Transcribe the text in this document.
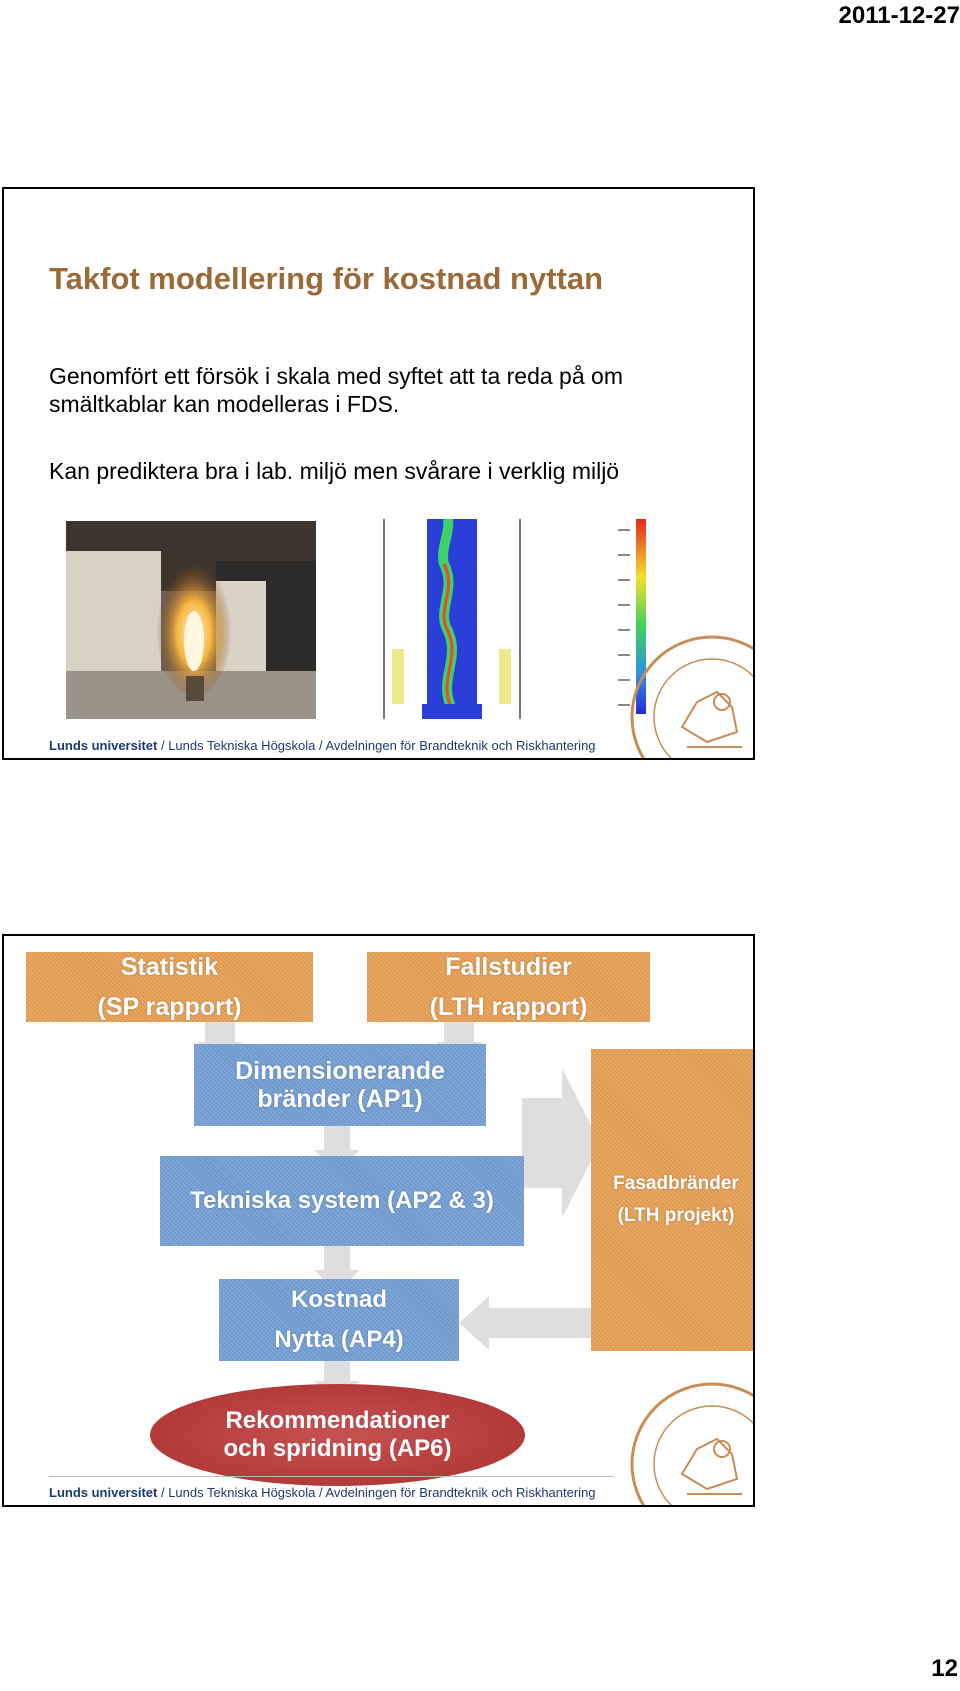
2011-12-27
Takfot modellering för kostnad nyttan
Genomfört ett försök i skala med syftet att ta reda på om smältkablar kan modelleras i FDS.
Kan prediktera bra i lab. miljö men svårare i verklig miljö
Lunds universitet / Lunds Tekniska Högskola / Avdelningen för Brandteknik och Riskhantering
Statistik
(SP rapport)
Fallstudier
(LTH rapport)
Dimensionerande
bränder (AP1)
Tekniska system (AP2 & 3)
Kostnad
Nytta (AP4)
Fasadbränder
(LTH projekt)
Rekommendationer
och spridning (AP6)
Lunds universitet / Lunds Tekniska Högskola / Avdelningen för Brandteknik och Riskhantering
12
